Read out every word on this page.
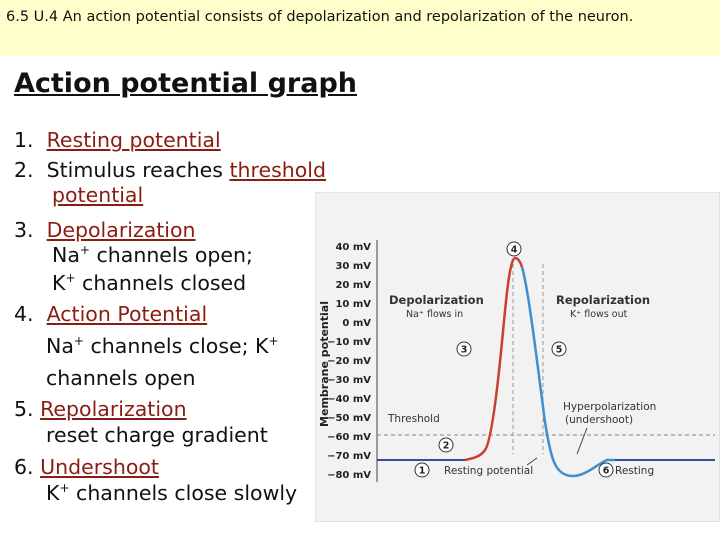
6.5 U.4 An action potential consists of depolarization and repolarization of the neuron.
Action potential graph
1. Resting potential
2. Stimulus reaches threshold
potential
3. Depolarization
Na+ channels open;
K+ channels closed
4. Action Potential
Na+ channels close; K+
channels open
5. Repolarization
reset charge gradient
6. Undershoot
K+ channels close slowly
Membrane potential
40 mV
30 mV
20 mV
10 mV
0 mV
−10 mV
−20 mV
−30 mV
−40 mV
−50 mV
−60 mV
−70 mV
−80 mV
Depolarization
Na⁺ flows in
Repolarization
K⁺ flows out
Threshold
Hyperpolarization
(undershoot)
Resting potential	Resting
1
2
3
4
5
6
